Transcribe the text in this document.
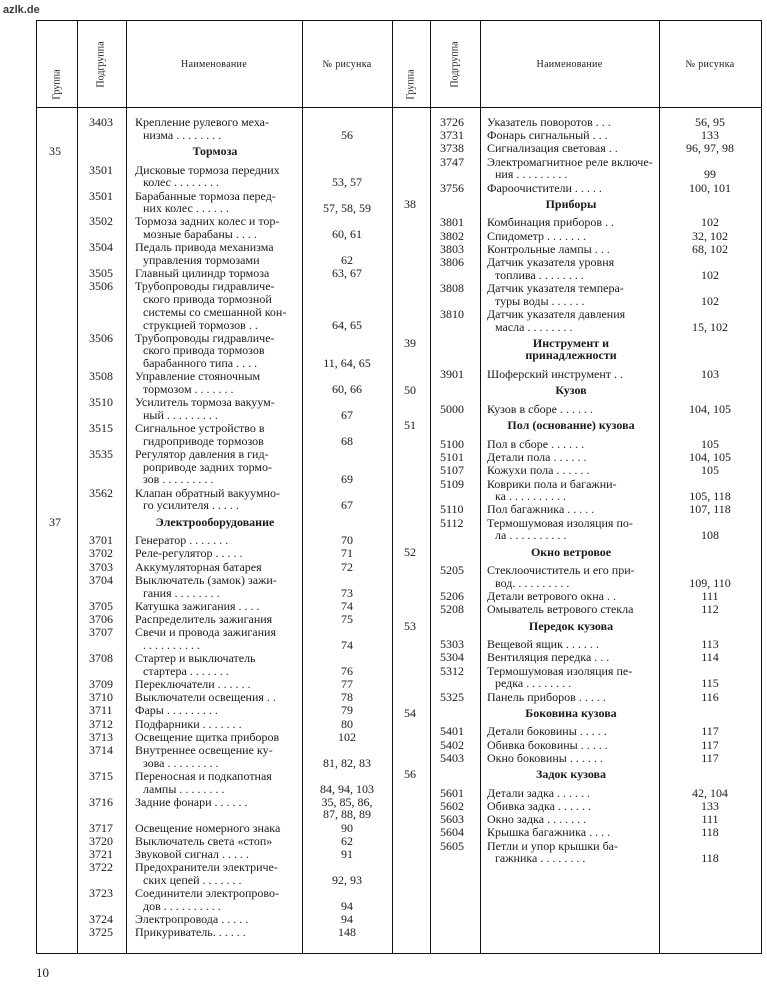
azlk.de
Группа	Подгруппа	Наименование	№ рисунка
Группа	Подгруппа	Наименование	№ рисунка
3403 Крепление рулевого меха-
низма . . . . . . . .	56
35	Тормоза
3501 Дисковые тормоза передних
колес . . . . . . . .	53, 57
3501 Барабанные тормоза перед-
них колес . . . . . .	57, 58, 59
3502 Тормоза задних колес и тор-
мозные барабаны . . . .	60, 61
3504 Педаль привода механизма
управления тормозами	62
3505 Главный цилиндр тормоза	63, 67
3506 Трубопроводы гидравличе-
ского привода тормозной
системы со смешанной кон-
струкцией тормозов . .	64, 65
3506 Трубопроводы гидравличе-
ского привода тормозов
барабанного типа . . . .	11, 64, 65
3508 Управление стояночным
тормозом . . . . . . .	60, 66
3510 Усилитель тормоза вакуум-
ный . . . . . . . . .	67
3515 Сигнальное устройство в
гидроприводе тормозов	68
3535 Регулятор давления в гид-
роприводе задних тормо-
зов . . . . . . . . .	69
3562 Клапан обратный вакуумно-
го усилителя . . . . .	67
37	Электрооборудование
3701 Генератор . . . . . . .	70
3702 Реле-регулятор . . . . .	71
3703 Аккумуляторная батарея	72
3704 Выключатель (замок) зажи-
гания . . . . . . . .	73
3705 Катушка зажигания . . . .	74
3706 Распределитель зажигания	75
3707 Свечи и провода зажигания
. . . . . . . . . .	74
3708 Стартер и выключатель
стартера . . . . . . .	76
3709 Переключатели . . . . . .	77
3710 Выключатели освещения . .	78
3711 Фары . . . . . . . . .	79
3712 Подфарники . . . . . . .	80
3713 Освещение щитка приборов	102
3714 Внутреннее освещение ку-
зова . . . . . . . . .	81, 82, 83
3715 Переносная и подкапотная
лампы . . . . . . . .	84, 94, 103
3716 Задние фонари . . . . . .	35, 85, 86,
87, 88, 89
3717 Освещение номерного знака	90
3720 Выключатель света «стоп»	62
3721 Звуковой сигнал . . . . .	91
3722 Предохранители электриче-
ских цепей . . . . . . .	92, 93
3723 Соединители электропрово-
дов . . . . . . . . . .	94
3724 Электропровода . . . . .	94
3725 Прикуриватель. . . . . .	148
3726 Указатель поворотов . . .	56, 95
3731 Фонарь сигнальный . . .	133
3738 Сигнализация световая . .	96, 97, 98
3747 Электромагнитное реле включе-
ния . . . . . . . . .	99
3756 Фароочистители . . . . .	100, 101
38	Приборы
3801 Комбинация приборов . .	102
3802 Спидометр . . . . . . .	32, 102
3803 Контрольные лампы . . .	68, 102
3806 Датчик указателя уровня
топлива . . . . . . . .	102
3808 Датчик указателя темпера-
туры воды . . . . . .	102
3810 Датчик указателя давления
масла . . . . . . . .	15, 102
39	Инструмент и
принадлежности
3901 Шоферский инструмент . .	103
50	Кузов
5000 Кузов в сборе . . . . . .	104, 105
51	Пол (основание) кузова
5100 Пол в сборе . . . . . .	105
5101 Детали пола . . . . . .	104, 105
5107 Кожухи пола . . . . . .	105
5109 Коврики пола и багажни-
ка . . . . . . . . . .	105, 118
5110 Пол багажника . . . . .	107, 118
5112 Термошумовая изоляция по-
ла . . . . . . . . . .	108
52	Окно ветровое
5205 Стеклоочиститель и его при-
вод. . . . . . . . . .	109, 110
5206 Детали ветрового окна . .	111
5208 Омыватель ветрового стекла	112
53	Передок кузова
5303 Вещевой ящик . . . . . .	113
5304 Вентиляция передка . . .	114
5312 Термошумовая изоляция пе-
редка . . . . . . . .	115
5325 Панель приборов . . . . .	116
54	Боковина кузова
5401 Детали боковины . . . . .	117
5402 Обивка боковины . . . . .	117
5403 Окно боковины . . . . . .	117
56	Задок кузова
5601 Детали задка . . . . . .	42, 104
5602 Обивка задка . . . . . .	133
5603 Окно задка . . . . . . .	111
5604 Крышка багажника . . . .	118
5605 Петли и упор крышки ба-
гажника . . . . . . . .	118
10
